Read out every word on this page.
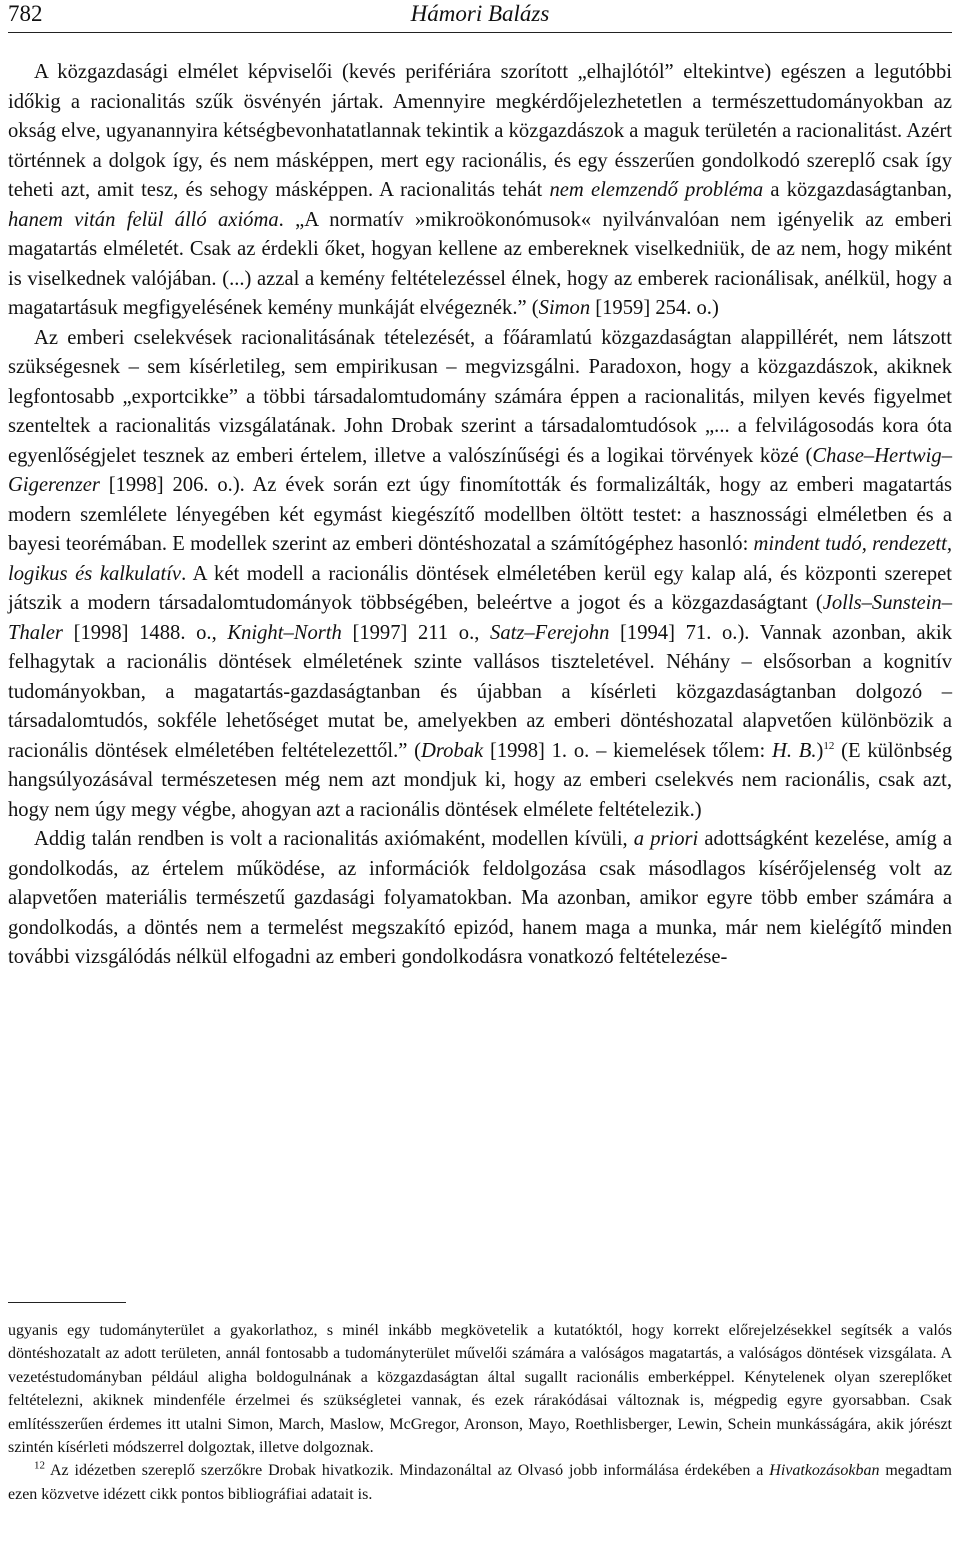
782	Hámori Balázs

A közgazdasági elmélet képviselői (kevés perifériára szorított „elhajlótól” eltekintve) egészen a legutóbbi időkig a racionalitás szűk ösvényén jártak. Amennyire megkérdőjelezhetetlen a természettudományokban az okság elve, ugyanannyira kétségbevonhatatlannak tekintik a közgazdászok a maguk területén a racionalitást. Azért történnek a dolgok így, és nem másképpen, mert egy racionális, és egy ésszerűen gondolkodó szereplő csak így teheti azt, amit tesz, és sehogy másképpen. A racionalitás tehát nem elemzendő probléma a közgazdaságtanban, hanem vitán felül álló axióma. „A normatív »mikroökonómusok« nyilvánvalóan nem igényelik az emberi magatartás elméletét. Csak az érdekli őket, hogyan kellene az embereknek viselkedniük, de az nem, hogy miként is viselkednek valójában. (...) azzal a kemény feltételezéssel élnek, hogy az emberek racionálisak, anélkül, hogy a magatartásuk megfigyelésének kemény munkáját elvégeznék.” (Simon [1959] 254. o.)

Az emberi cselekvések racionalitásának tételezését, a főáramlatú közgazdaságtan alappillérét, nem látszott szükségesnek – sem kísérletileg, sem empirikusan – megvizsgálni. Paradoxon, hogy a közgazdászok, akiknek legfontosabb „exportcikke” a többi társadalomtudomány számára éppen a racionalitás, milyen kevés figyelmet szenteltek a racionalitás vizsgálatának. John Drobak szerint a társadalomtudósok „... a felvilágosodás kora óta egyenlőségjelet tesznek az emberi értelem, illetve a valószínűségi és a logikai törvények közé (Chase–Hertwig–Gigerenzer [1998] 206. o.). Az évek során ezt úgy finomították és formalizálták, hogy az emberi magatartás modern szemlélete lényegében két egymást kiegészítő modellben öltött testet: a hasznossági elméletben és a bayesi teorémában. E modellek szerint az emberi döntéshozatal a számítógéphez hasonló: mindent tudó, rendezett, logikus és kalkulatív. A két modell a racionális döntések elméletében kerül egy kalap alá, és központi szerepet játszik a modern társadalomtudományok többségében, beleértve a jogot és a közgazdaságtant (Jolls–Sunstein–Thaler [1998] 1488. o., Knight–North [1997] 211 o., Satz–Ferejohn [1994] 71. o.). Vannak azonban, akik felhagytak a racionális döntések elméletének szinte vallásos tiszteletével. Néhány – elsősorban a kognitív tudományokban, a magatartás-gazdaságtanban és újabban a kísérleti közgazdaságtanban dolgozó – társadalomtudós, sokféle lehetőséget mutat be, amelyekben az emberi döntéshozatal alapvetően különbözik a racionális döntések elméletében feltételezettől.” (Drobak [1998] 1. o. – kiemelések tőlem: H. B.)$^{12}$ (E különbség hangsúlyozásával természetesen még nem azt mondjuk ki, hogy az emberi cselekvés nem racionális, csak azt, hogy nem úgy megy végbe, ahogyan azt a racionális döntések elmélete feltételezik.)

Addig talán rendben is volt a racionalitás axiómaként, modellen kívüli, a priori adottságként kezelése, amíg a gondolkodás, az értelem működése, az információk feldolgozása csak másodlagos kísérőjelenség volt az alapvetően materiális természetű gazdasági folyamatokban. Ma azonban, amikor egyre több ember számára a gondolkodás, a döntés nem a termelést megszakító epizód, hanem maga a munka, már nem kielégítő minden további vizsgálódás nélkül elfogadni az emberi gondolkodásra vonatkozó feltételezése-

ugyanis egy tudományterület a gyakorlathoz, s minél inkább megkövetelik a kutatóktól, hogy korrekt előrejelzésekkel segítsék a valós döntéshozatalt az adott területen, annál fontosabb a tudományterület művelői számára a valóságos magatartás, a valóságos döntések vizsgálata. A vezetéstudományban például aligha boldogulnának a közgazdaságtan által sugallt racionális emberképpel. Kénytelenek olyan szereplőket feltételezni, akiknek mindenféle érzelmei és szükségletei vannak, és ezek rárakódásai változnak is, mégpedig egyre gyorsabban. Csak említésszerűen érdemes itt utalni Simon, March, Maslow, McGregor, Aronson, Mayo, Roethlisberger, Lewin, Schein munkásságára, akik jórészt szintén kísérleti módszerrel dolgoztak, illetve dolgoznak.

$^{12}$ Az idézetben szereplő szerzőkre Drobak hivatkozik. Mindazonáltal az Olvasó jobb informálása érdekében a Hivatkozásokban megadtam ezen közvetve idézett cikk pontos bibliográfiai adatait is.
